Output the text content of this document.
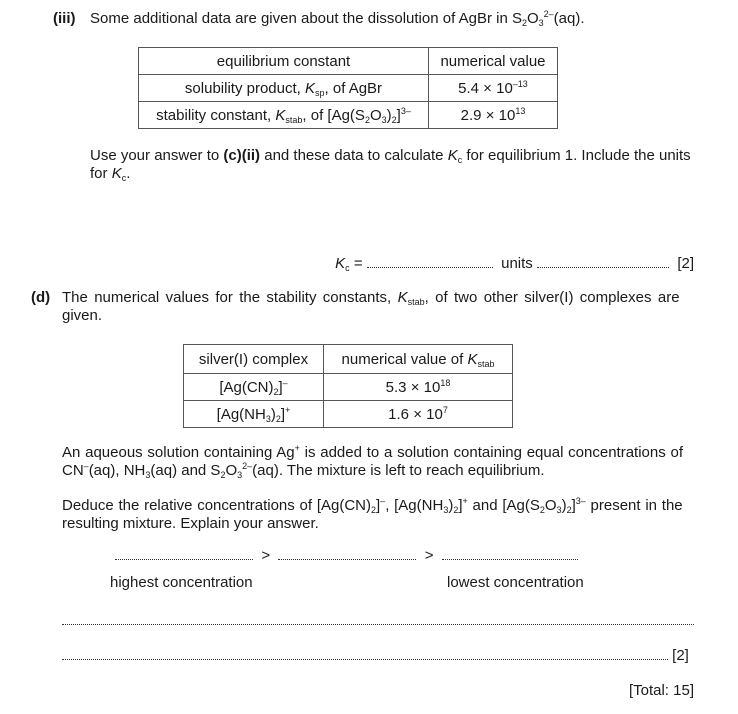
(iii) Some additional data are given about the dissolution of AgBr in $S_2O_3^{2-}(aq)$.
equilibrium constant	numerical value
solubility product, $K_{sp}$, of AgBr	$5.4 \times 10^{-13}$
stability constant, $K_{stab}$, of $[Ag(S_2O_3)_2]^{3-}$	$2.9 \times 10^{13}$
Use your answer to (c)(ii) and these data to calculate $K_c$ for equilibrium 1. Include the units
for $K_c$.
$K_c$ =	units	[2]
(d) The numerical values for the stability constants, $K_{stab}$, of two other silver(I) complexes are
given.
silver(I) complex	numerical value of $K_{stab}$
$[Ag(CN)_2]^-$	$5.3 \times 10^{18}$
$[Ag(NH_3)_2]^+$	$1.6 \times 10^7$
An aqueous solution containing Ag+ is added to a solution containing equal concentrations of
CN–(aq), $NH_3(aq)$ and $S_2O_3^{2-}(aq)$. The mixture is left to reach equilibrium.
Deduce the relative concentrations of $[Ag(CN)_2]^-$, $[Ag(NH_3)_2]^+$ and $[Ag(S_2O_3)_2]^{3-}$ present in the
resulting mixture. Explain your answer.
>	>
highest concentration	lowest concentration
[2]
[Total: 15]
